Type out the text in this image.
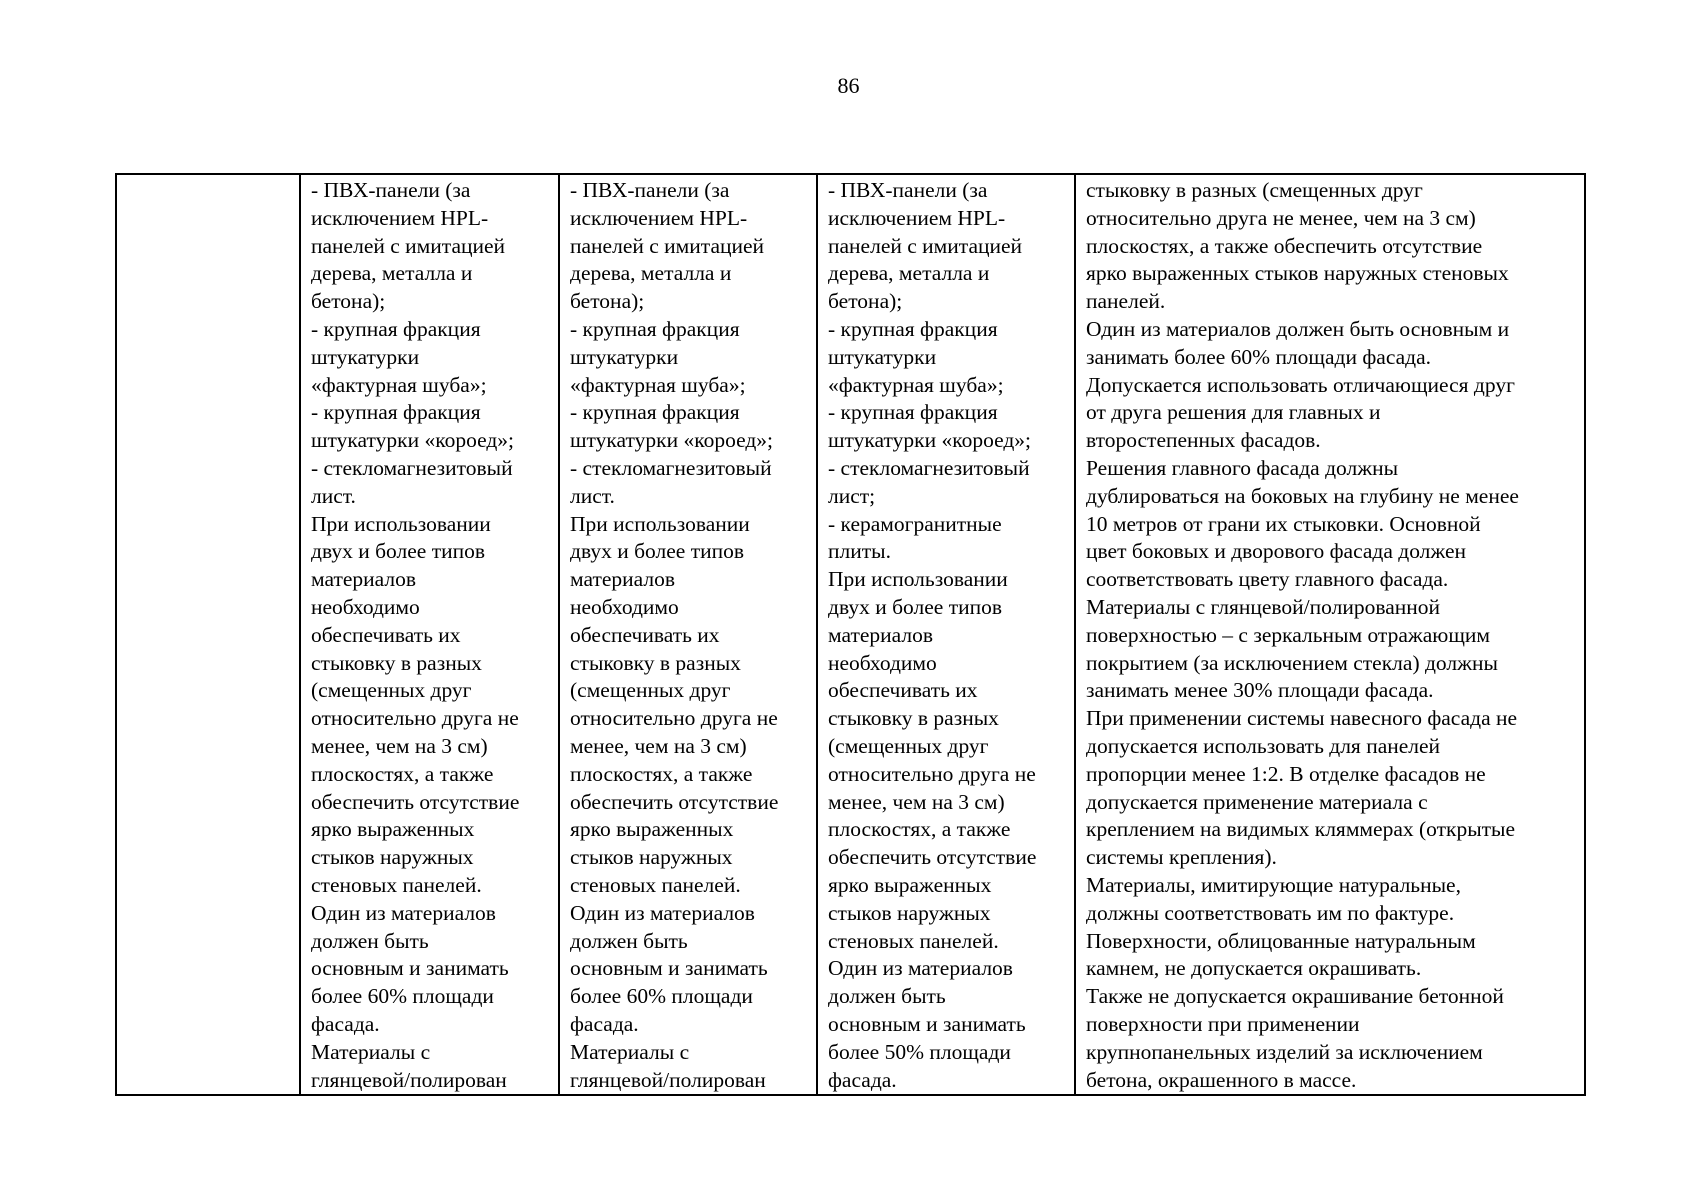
86

- ПВХ-панели (за
исключением HPL-
панелей с имитацией
дерева, металла и
бетона);
- крупная фракция
штукатурки
«фактурная шуба»;
- крупная фракция
штукатурки «короед»;
- стекломагнезитовый
лист.
При использовании
двух и более типов
материалов
необходимо
обеспечивать их
стыковку в разных
(смещенных друг
относительно друга не
менее, чем на 3 см)
плоскостях, а также
обеспечить отсутствие
ярко выраженных
стыков наружных
стеновых панелей.
Один из материалов
должен быть
основным и занимать
более 60% площади
фасада.
Материалы с
глянцевой/полирован

- ПВХ-панели (за
исключением HPL-
панелей с имитацией
дерева, металла и
бетона);
- крупная фракция
штукатурки
«фактурная шуба»;
- крупная фракция
штукатурки «короед»;
- стекломагнезитовый
лист.
При использовании
двух и более типов
материалов
необходимо
обеспечивать их
стыковку в разных
(смещенных друг
относительно друга не
менее, чем на 3 см)
плоскостях, а также
обеспечить отсутствие
ярко выраженных
стыков наружных
стеновых панелей.
Один из материалов
должен быть
основным и занимать
более 60% площади
фасада.
Материалы с
глянцевой/полирован

- ПВХ-панели (за
исключением HPL-
панелей с имитацией
дерева, металла и
бетона);
- крупная фракция
штукатурки
«фактурная шуба»;
- крупная фракция
штукатурки «короед»;
- стекломагнезитовый
лист;
- керамогранитные
плиты.
При использовании
двух и более типов
материалов
необходимо
обеспечивать их
стыковку в разных
(смещенных друг
относительно друга не
менее, чем на 3 см)
плоскостях, а также
обеспечить отсутствие
ярко выраженных
стыков наружных
стеновых панелей.
Один из материалов
должен быть
основным и занимать
более 50% площади
фасада.

стыковку в разных (смещенных друг
относительно друга не менее, чем на 3 см)
плоскостях, а также обеспечить отсутствие
ярко выраженных стыков наружных стеновых
панелей.
Один из материалов должен быть основным и
занимать более 60% площади фасада.
Допускается использовать отличающиеся друг
от друга решения для главных и
второстепенных фасадов.
Решения главного фасада должны
дублироваться на боковых на глубину не менее
10 метров от грани их стыковки. Основной
цвет боковых и дворового фасада должен
соответствовать цвету главного фасада.
Материалы с глянцевой/полированной
поверхностью – с зеркальным отражающим
покрытием (за исключением стекла) должны
занимать менее 30% площади фасада.
При применении системы навесного фасада не
допускается использовать для панелей
пропорции менее 1:2. В отделке фасадов не
допускается применение материала с
креплением на видимых кляммерах (открытые
системы крепления).
Материалы, имитирующие натуральные,
должны соответствовать им по фактуре.
Поверхности, облицованные натуральным
камнем, не допускается окрашивать.
Также не допускается окрашивание бетонной
поверхности при применении
крупнопанельных изделий за исключением
бетона, окрашенного в массе.
